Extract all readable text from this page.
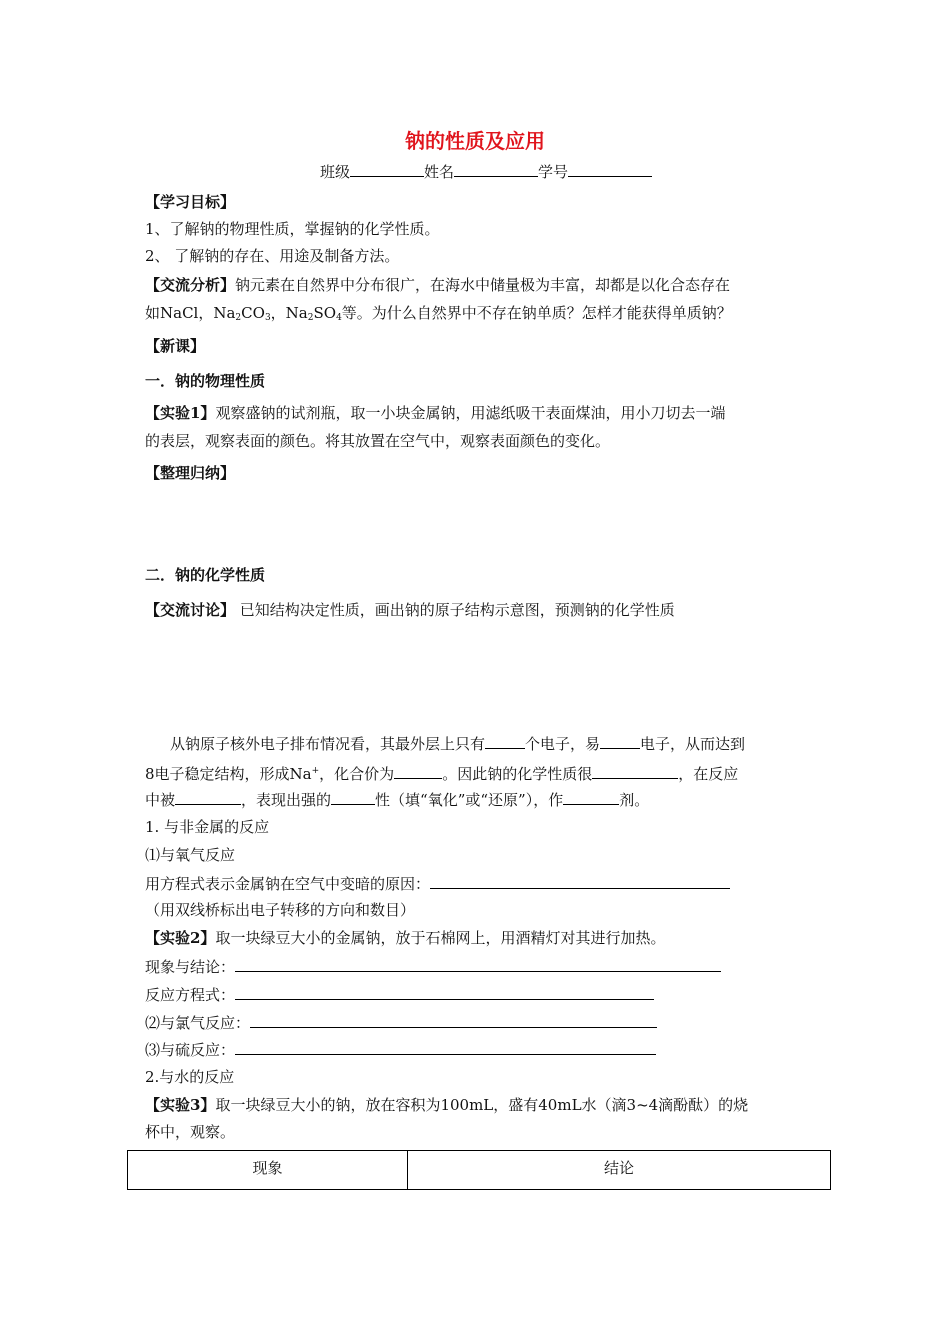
钠的性质及应用
班级	姓名	学号
【学习目标】
1、了解钠的物理性质，掌握钠的化学性质。
2、 了解钠的存在、用途及制备方法。
【交流分析】钠元素在自然界中分布很广，在海水中储量极为丰富，却都是以化合态存在
如NaCl，$Na_2CO_3$，$Na_2SO_4$等。为什么自然界中不存在钠单质？怎样才能获得单质钠？
【新课】
一．钠的物理性质
【实验1】观察盛钠的试剂瓶，取一小块金属钠，用滤纸吸干表面煤油，用小刀切去一端
的表层，观察表面的颜色。将其放置在空气中，观察表面颜色的变化。
【整理归纳】
二．钠的化学性质
【交流讨论】 已知结构决定性质，画出钠的原子结构示意图，预测钠的化学性质
从钠原子核外电子排布情况看，其最外层上只有	个电子，易	电子，从而达到
8电子稳定结构，形成Na+，化合价为	。因此钠的化学性质很	，在反应
中被	，表现出强的	性（填“氧化”或“还原”），作	剂。
1. 与非金属的反应
⑴与氧气反应
用方程式表示金属钠在空气中变暗的原因：
（用双线桥标出电子转移的方向和数目）
【实验2】取一块绿豆大小的金属钠，放于石棉网上，用酒精灯对其进行加热。
现象与结论：
反应方程式：
⑵与氯气反应：
⑶与硫反应：
2.与水的反应
【实验3】取一块绿豆大小的钠，放在容积为100mL，盛有40mL水（滴3~4滴酚酞）的烧
杯中，观察。
现象	结论
